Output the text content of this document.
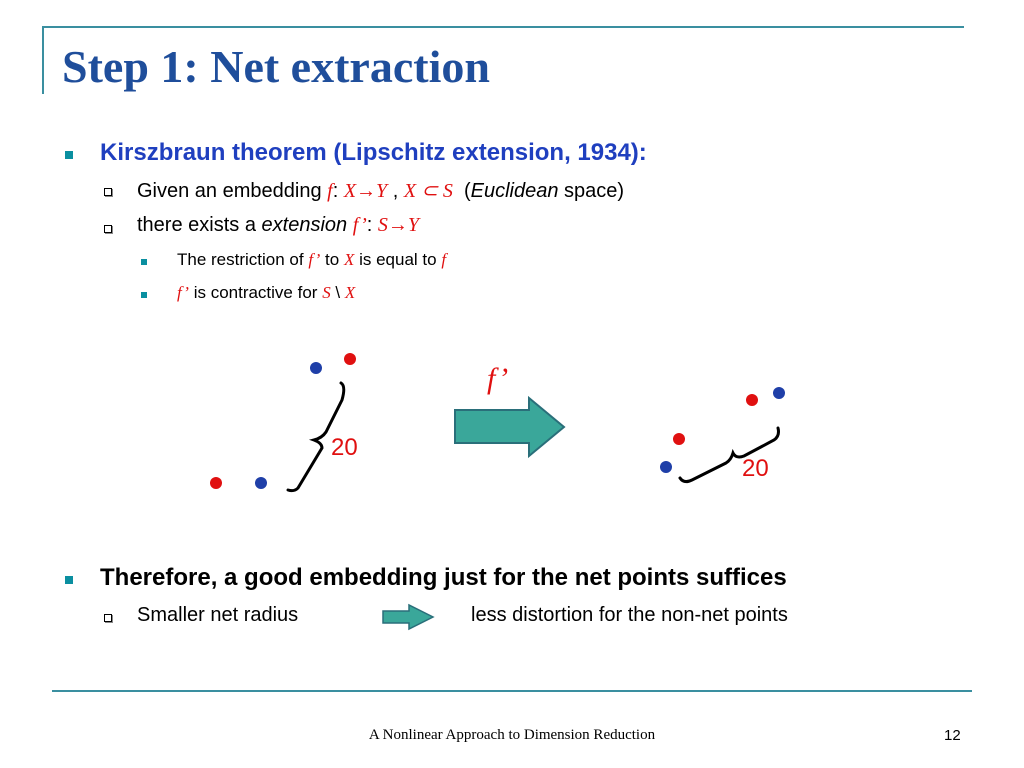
Step 1: Net extraction
Kirszbraun theorem (Lipschitz extension, 1934):
Given an embedding f: X→Y , X ⊂ S (Euclidean space)
there exists a extension f’: S→Y
The restriction of f’ to X is equal to f
f’ is contractive for S \ X
f’
20
20
Therefore, a good embedding just for the net points suffices
Smaller net radius	less distortion for the non-net points
A Nonlinear Approach to Dimension Reduction	12
